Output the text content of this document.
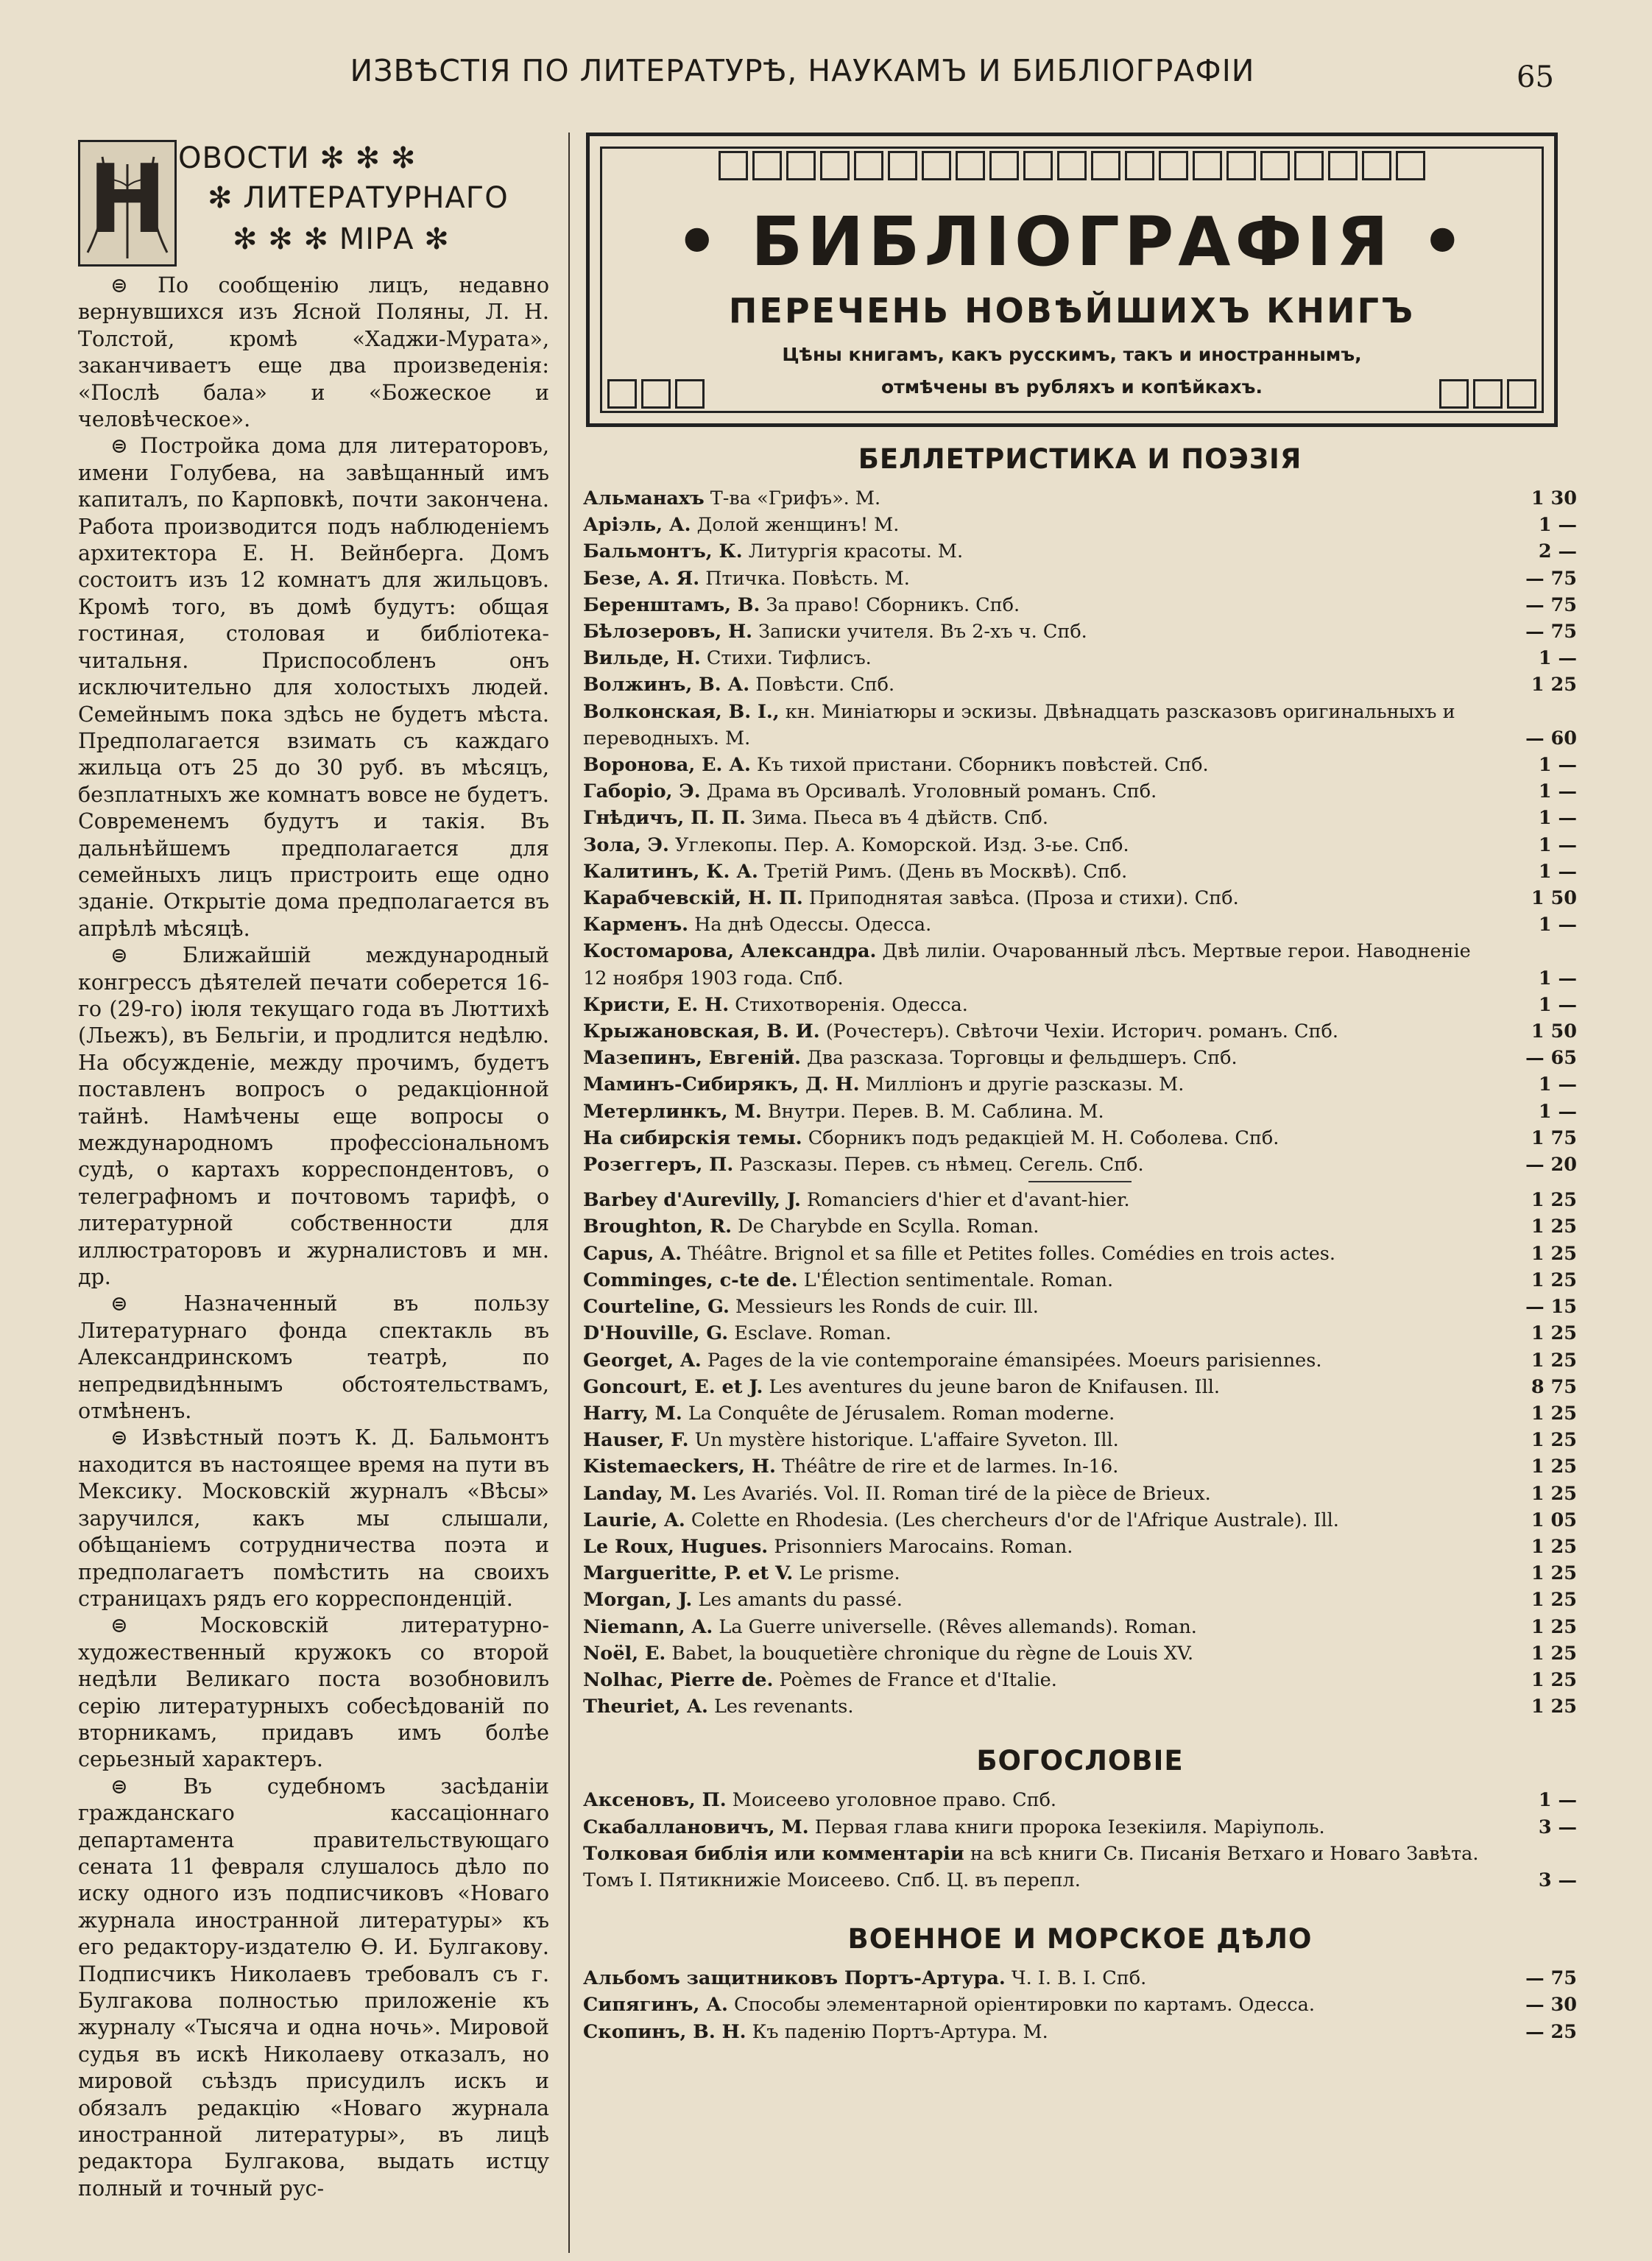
ИЗВѢСТІЯ ПО ЛИТЕРАТУРѢ, НАУКАМЪ И БИБЛІОГРАФІИ	65
Н ОВОСТИ ✻ ✻ ✻
✻ ЛИТЕРАТУРНАГО
✻ ✻ ✻ МІРА ✻

⊜ По сообщенію лицъ, недавно вернувшихся изъ Ясной Поляны, Л. Н. Толстой, кромѣ «Хаджи-Мурата», заканчиваетъ еще два произведенія: «Послѣ бала» и «Божеское и человѣческое».

⊜ Постройка дома для литераторовъ, имени Голубева, на завѣщанный имъ капиталъ, по Карповкѣ, почти закончена. Работа производится подъ наблюденіемъ архитектора Е. Н. Вейнберга. Домъ состоитъ изъ 12 комнатъ для жильцовъ. Кромѣ того, въ домѣ будутъ: общая гостиная, столовая и библіотека-читальня. Приспособленъ онъ исключительно для холостыхъ людей. Семейнымъ пока здѣсь не будетъ мѣста. Предполагается взимать съ каждаго жильца отъ 25 до 30 руб. въ мѣсяцъ, безплатныхъ же комнатъ вовсе не будетъ. Современемъ будутъ и такія. Въ дальнѣйшемъ предполагается для семейныхъ лицъ пристроить еще одно зданіе. Открытіе дома предполагается въ апрѣлѣ мѣсяцѣ.

⊜ Ближайшій международный конгрессъ дѣятелей печати соберется 16-го (29-го) іюля текущаго года въ Люттихѣ (Льежъ), въ Бельгіи, и продлится недѣлю. На обсужденіе, между прочимъ, будетъ поставленъ вопросъ о редакціонной тайнѣ. Намѣчены еще вопросы о международномъ профессіональномъ судѣ, о картахъ корреспондентовъ, о телеграфномъ и почтовомъ тарифѣ, о литературной собственности для иллюстраторовъ и журналистовъ и мн. др.

⊜ Назначенный въ пользу Литературнаго фонда спектакль въ Александринскомъ театрѣ, по непредвидѣннымъ обстоятельствамъ, отмѣненъ.

⊜ Извѣстный поэтъ К. Д. Бальмонтъ находится въ настоящее время на пути въ Мексику. Московскій журналъ «Вѣсы» заручился, какъ мы слышали, обѣщаніемъ сотрудничества поэта и предполагаетъ помѣстить на своихъ страницахъ рядъ его корреспонденцій.

⊜ Московскій литературно-художественный кружокъ со второй недѣли Великаго поста возобновилъ серію литературныхъ собесѣдованій по вторникамъ, придавъ имъ болѣе серьезный характеръ.

⊜ Въ судебномъ засѣданіи гражданскаго кассаціоннаго департамента правительствующаго сената 11 февраля слушалось дѣло по иску одного изъ подписчиковъ «Новаго журнала иностранной литературы» къ его редактору-издателю Ѳ. И. Булгакову. Подписчикъ Николаевъ требовалъ съ г. Булгакова полностью приложеніе къ журналу «Тысяча и одна ночь». Мировой судья въ искѣ Николаеву отказалъ, но мировой съѣздъ присудилъ искъ и обязалъ редакцію «Новаго журнала иностранной литературы», въ лицѣ редактора Булгакова, выдать истцу полный и точный рус-

• БИБЛІОГРАФІЯ •
ПЕРЕЧЕНЬ НОВѢЙШИХЪ КНИГЪ
Цѣны книгамъ, какъ русскимъ, такъ и иностраннымъ,
отмѣчены въ рубляхъ и копѣйкахъ.
БЕЛЛЕТРИСТИКА И ПОЭЗІЯ
Альманахъ Т-ва «Грифъ». М.	1 30
Аріэль, А. Долой женщинъ! М.	1 —
Бальмонтъ, К. Литургія красоты. М.	2 —
Безе, А. Я. Птичка. Повѣсть. М.	— 75
Беренштамъ, В. За право! Сборникъ. Спб.	— 75
Бѣлозеровъ, Н. Записки учителя. Въ 2-хъ ч. Спб.	— 75
Вильде, Н. Стихи. Тифлисъ.	1 —
Волжинъ, В. А. Повѣсти. Спб.	1 25
Волконская, В. І., кн. Миніатюры и эскизы. Двѣнадцать разсказовъ оригинальныхъ и переводныхъ. М.	— 60
Воронова, Е. А. Къ тихой пристани. Сборникъ повѣстей. Спб.	1 —
Габоріо, Э. Драма въ Орсивалѣ. Уголовный романъ. Спб.	1 —
Гнѣдичъ, П. П. Зима. Пьеса въ 4 дѣйств. Спб.	1 —
Зола, Э. Углекопы. Пер. А. Коморской. Изд. 3-ье. Спб.	1 —
Калитинъ, К. А. Третій Римъ. (День въ Москвѣ). Спб.	1 —
Карабчевскій, Н. П. Приподнятая завѣса. (Проза и стихи). Спб.	1 50
Карменъ. На днѣ Одессы. Одесса.	1 —
Костомарова, Александра. Двѣ лиліи. Очарованный лѣсъ. Мертвые герои. Наводненіе 12 ноября 1903 года. Спб.	1 —
Кристи, Е. Н. Стихотворенія. Одесса.	1 —
Крыжановская, В. И. (Рочестеръ). Свѣточи Чехіи. Историч. романъ. Спб.	1 50
Мазепинъ, Евгеній. Два разсказа. Торговцы и фельдшеръ. Спб.	— 65
Маминъ-Сибирякъ, Д. Н. Милліонъ и другіе разсказы. М.	1 —
Метерлинкъ, М. Внутри. Перев. В. М. Саблина. М.	1 —
На сибирскія темы. Сборникъ подъ редакціей М. Н. Соболева. Спб.	1 75
Розеггеръ, П. Разсказы. Перев. съ нѣмец. Сегель. Спб.	— 20
Barbey d'Aurevilly, J. Romanciers d'hier et d'avant-hier.	1 25
Broughton, R. De Charybde en Scylla. Roman.	1 25
Capus, A. Théâtre. Brignol et sa fille et Petites folles. Comédies en trois actes.	1 25
Comminges, c-te de. L'Élection sentimentale. Roman.	1 25
Courteline, G. Messieurs les Ronds de cuir. Ill.	— 15
D'Houville, G. Esclave. Roman.	1 25
Georget, A. Pages de la vie contemporaine émansipées. Moeurs parisiennes.	1 25
Goncourt, E. et J. Les aventures du jeune baron de Knifausen. Ill.	8 75
Harry, M. La Conquête de Jérusalem. Roman moderne.	1 25
Hauser, F. Un mystère historique. L'affaire Syveton. Ill.	1 25
Kistemaeckers, H. Théâtre de rire et de larmes. In-16.	1 25
Landay, M. Les Avariés. Vol. II. Roman tiré de la pièce de Brieux.	1 25
Laurie, A. Colette en Rhodesia. (Les chercheurs d'or de l'Afrique Australe). Ill.	1 05
Le Roux, Hugues. Prisonniers Marocains. Roman.	1 25
Margueritte, P. et V. Le prisme.	1 25
Morgan, J. Les amants du passé.	1 25
Niemann, A. La Guerre universelle. (Rêves allemands). Roman.	1 25
Noël, E. Babet, la bouquetière chronique du règne de Louis XV.	1 25
Nolhac, Pierre de. Poèmes de France et d'Italie.	1 25
Theuriet, A. Les revenants.	1 25
БОГОСЛОВІЕ
Аксеновъ, П. Моисеево уголовное право. Спб.	1 —
Скабаллановичъ, М. Первая глава книги пророка Іезекіиля. Маріуполь.	3 —
Толковая библія или комментаріи на всѣ книги Св. Писанія Ветхаго и Новаго Завѣта. Томъ І. Пятикнижіе Моисеево. Спб. Ц. въ перепл.	3 —
ВОЕННОЕ И МОРСКОЕ ДѢЛО
Альбомъ защитниковъ Портъ-Артура. Ч. І. В. І. Спб.	— 75
Сипягинъ, А. Способы элементарной оріентировки по картамъ. Одесса.	— 30
Скопинъ, В. Н. Къ паденію Портъ-Артура. М.	— 25
